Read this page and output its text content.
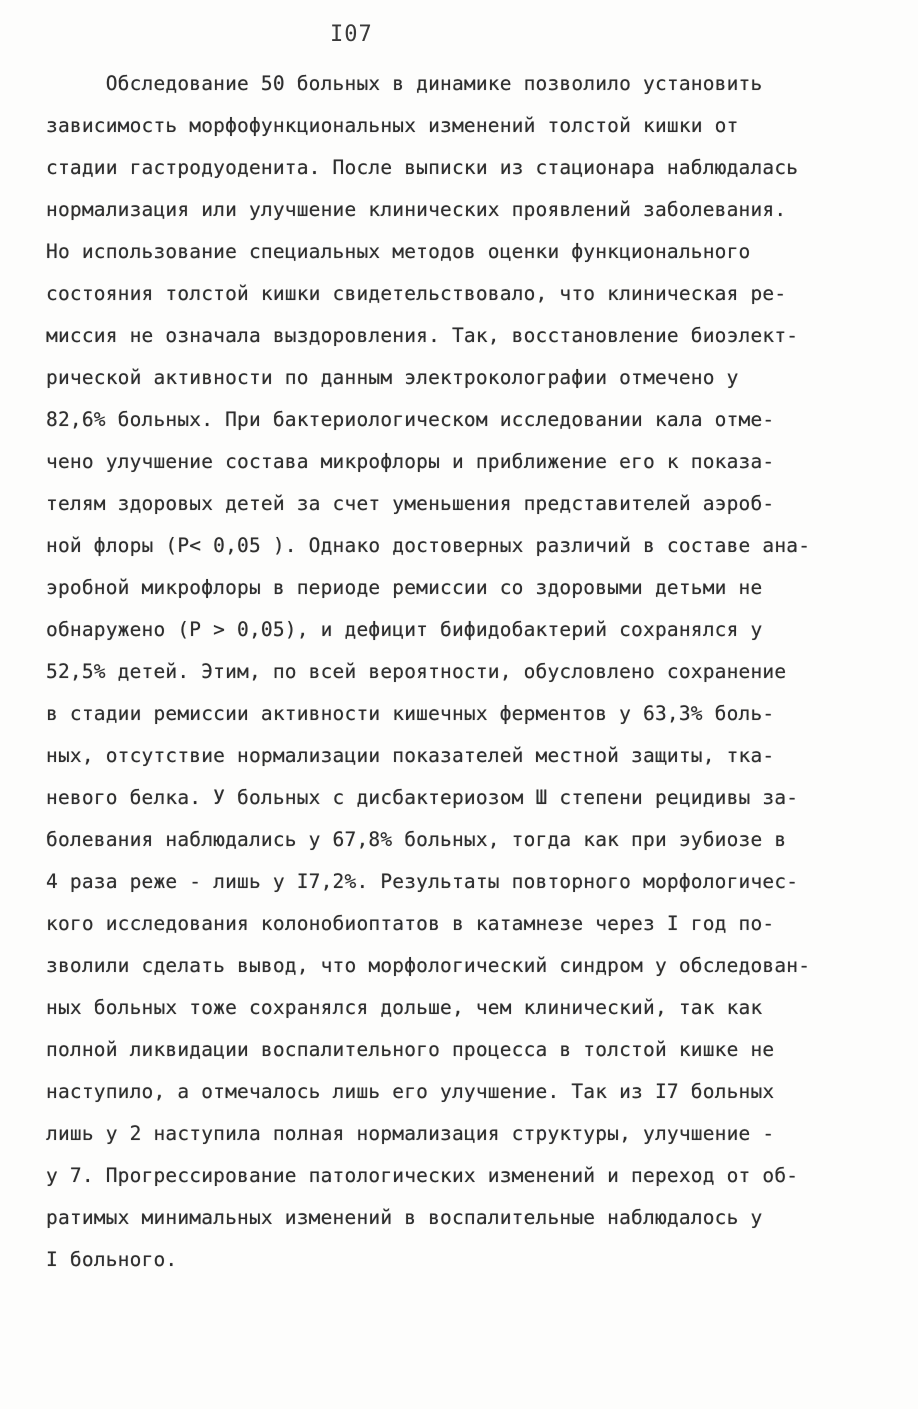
I07
Обследование 50 больных в динамике позволило установить
зависимость морфофункциональных изменений толстой кишки от
стадии гастродуоденита. После выписки из стационара наблюдалась
нормализация или улучшение клинических проявлений заболевания.
Но использование специальных методов оценки функционального
состояния толстой кишки свидетельствовало, что клиническая ре-
миссия не означала выздоровления. Так, восстановление биоэлект-
рической активности по данным электроколографии отмечено у
82,6% больных. При бактериологическом исследовании кала отме-
чено улучшение состава микрофлоры и приближение его к показа-
телям здоровых детей за счет уменьшения представителей аэроб-
ной флоры (P< 0,05 ). Однако достоверных различий в составе ана-
эробной микрофлоры в периоде ремиссии со здоровыми детьми не
обнаружено (P > 0,05), и дефицит бифидобактерий сохранялся у
52,5% детей. Этим, по всей вероятности, обусловлено сохранение
в стадии ремиссии активности кишечных ферментов у 63,3% боль-
ных, отсутствие нормализации показателей местной защиты, тка-
невого белка. У больных с дисбактериозом Ш степени рецидивы за-
болевания наблюдались у 67,8% больных, тогда как при эубиозе в
4 раза реже - лишь у I7,2%. Результаты повторного морфологичес-
кого исследования колонобиоптатов в катамнезе через I год по-
зволили сделать вывод, что морфологический синдром у обследован-
ных больных тоже сохранялся дольше, чем клинический, так как
полной ликвидации воспалительного процесса в толстой кишке не
наступило, а отмечалось лишь его улучшение. Так из I7 больных
лишь у 2 наступила полная нормализация структуры, улучшение -
у 7. Прогрессирование патологических изменений и переход от об-
ратимых минимальных изменений в воспалительные наблюдалось у
I больного.
